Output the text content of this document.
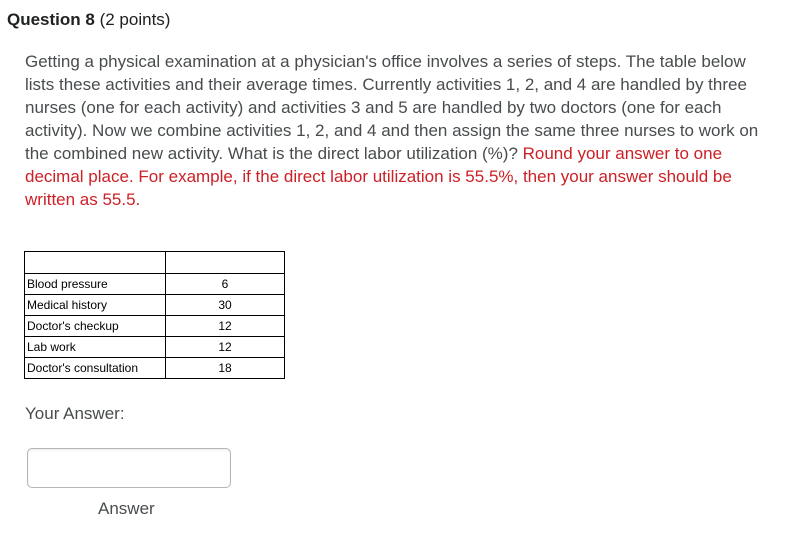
Question 8 (2 points)
Getting a physical examination at a physician's office involves a series of steps. The table below lists these activities and their average times. Currently activities 1, 2, and 4 are handled by three nurses (one for each activity) and activities 3 and 5 are handled by two doctors (one for each activity). Now we combine activities 1, 2, and 4 and then assign the same three nurses to work on the combined new activity. What is the direct labor utilization (%)? Round your answer to one decimal place. For example, if the direct labor utilization is 55.5%, then your answer should be written as 55.5.

Blood pressure	6
Medical history	30
Doctor's checkup	12
Lab work	12
Doctor's consultation	18
Your Answer:
Answer
